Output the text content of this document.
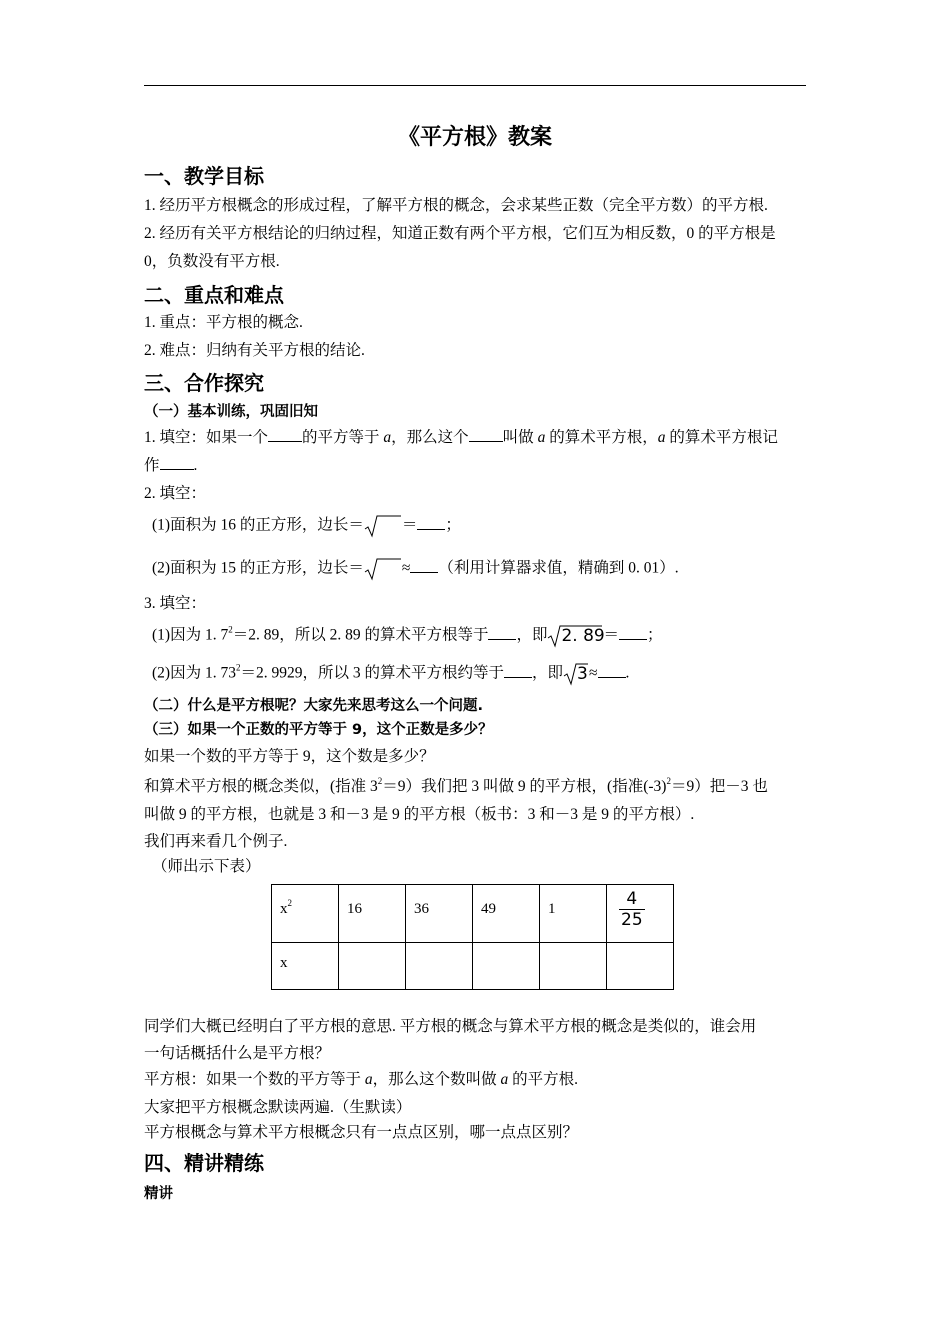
《平方根》教案
一、教学目标
1. 经历平方根概念的形成过程，了解平方根的概念，会求某些正数（完全平方数）的平方根.
2. 经历有关平方根结论的归纳过程，知道正数有两个平方根，它们互为相反数，0 的平方根是
0，负数没有平方根.
二、重点和难点
1. 重点：平方根的概念.
2. 难点：归纳有关平方根的结论.
三、合作探究
（一）基本训练，巩固旧知
1. 填空：如果一个 的平方等于 a，那么这个 叫做 a 的算术平方根，a 的算术平方根记
作 .
2. 填空：
(1)面积为 16 的正方形，边长＝ ＝ ；
(2)面积为 15 的正方形，边长＝ ≈ （利用计算器求值，精确到 0. 01）.
3. 填空：
(1)因为 1. $7^2=2$. 89，所以 2. 89 的算术平方根等于 ，即 2. 89
＝ ；
(2)因为 1. $73^2=2$. 9929，所以 3 的算术平方根约等于 ，即 3 ≈ .
（二）什么是平方根呢？大家先来思考这么一个问题.
（三）如果一个正数的平方等于 9，这个正数是多少？
如果一个数的平方等于 9，这个数是多少？
和算术平方根的概念类似，(指准 $3^2=9$）我们把 3 叫做 9 的平方根，(指准$(-3)^2=9$）把－3 也
叫做 9 的平方根，也就是 3 和－3 是 9 的平方根（板书：3 和－3 是 9 的平方根）.
我们再来看几个例子.
（师出示下表）
$x^2$	16	36	49	1	$\frac{4}{25}$

x					
同学们大概已经明白了平方根的意思. 平方根的概念与算术平方根的概念是类似的，谁会用
一句话概括什么是平方根？
平方根：如果一个数的平方等于 a，那么这个数叫做 a 的平方根.
大家把平方根概念默读两遍.（生默读）
平方根概念与算术平方根概念只有一点点区别，哪一点点区别？
四、精讲精练
精讲
